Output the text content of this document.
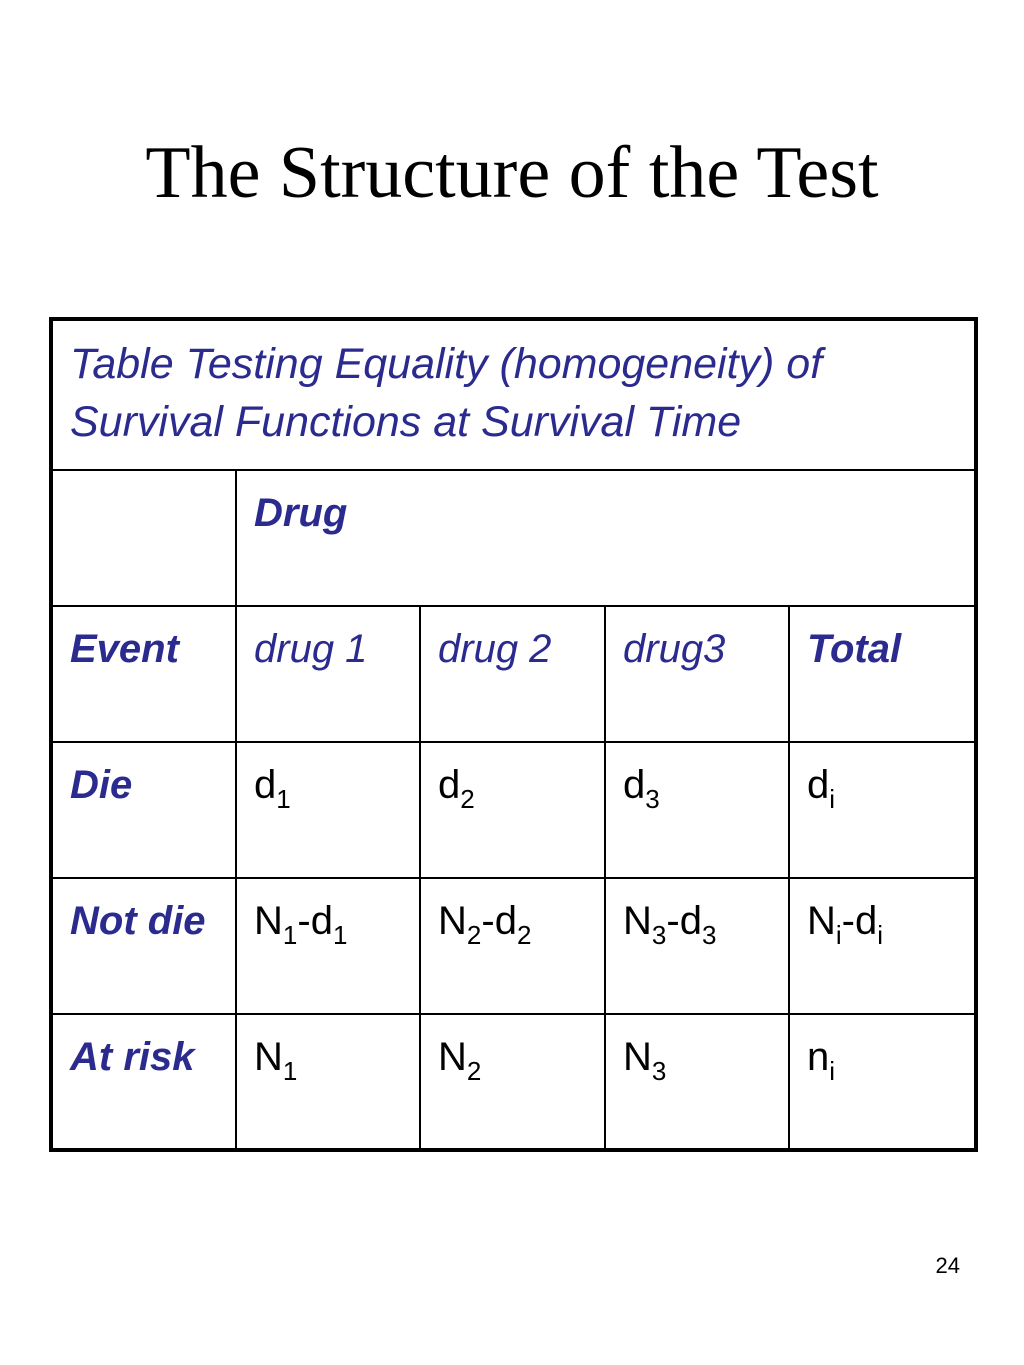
The Structure of the Test
Table Testing Equality (homogeneity) of Survival Functions at Survival Time				
	Drug			
Event	drug 1	drug 2	drug3	Total
Die	$d_1$	$d_2$	$d_3$	$d_i$
Not die	$N_1-d_1$	$N_2-d_2$	$N_3-d_3$	$N_i-d_i$
At risk	$N_1$	$N_2$	$N_3$	$n_i$
24
